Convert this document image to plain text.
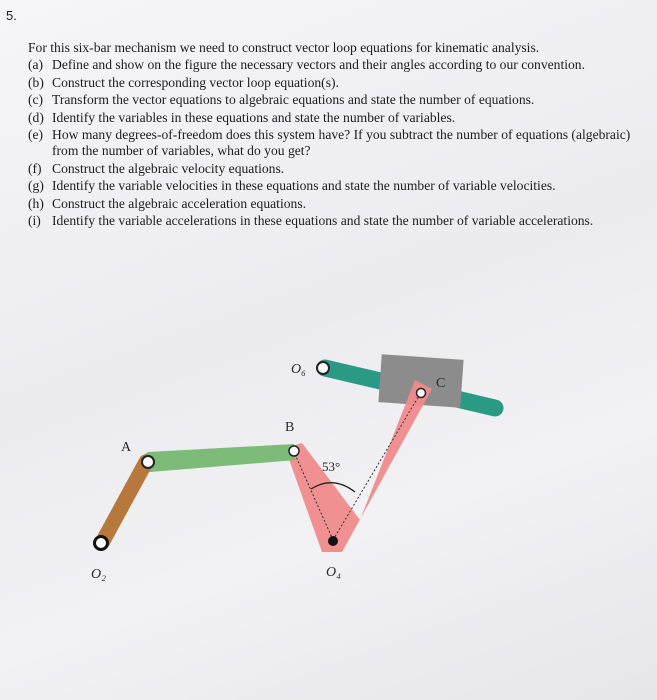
5.
For this six-bar mechanism we need to construct vector loop equations for kinematic analysis.
(a) Define and show on the figure the necessary vectors and their angles according to our convention.
(b) Construct the corresponding vector loop equation(s).
(c) Transform the vector equations to algebraic equations and state the number of equations.
(d) Identify the variables in these equations and state the number of variables.
(e) How many degrees-of-freedom does this system have? If you subtract the number of equations (algebraic) from the number of variables, what do you get?
(f) Construct the algebraic velocity equations.
(g) Identify the variable velocities in these equations and state the number of variable velocities.
(h) Construct the algebraic acceleration equations.
(i) Identify the variable accelerations in these equations and state the number of variable accelerations.
O₂
A
B
O₆
C
O₄
53°
